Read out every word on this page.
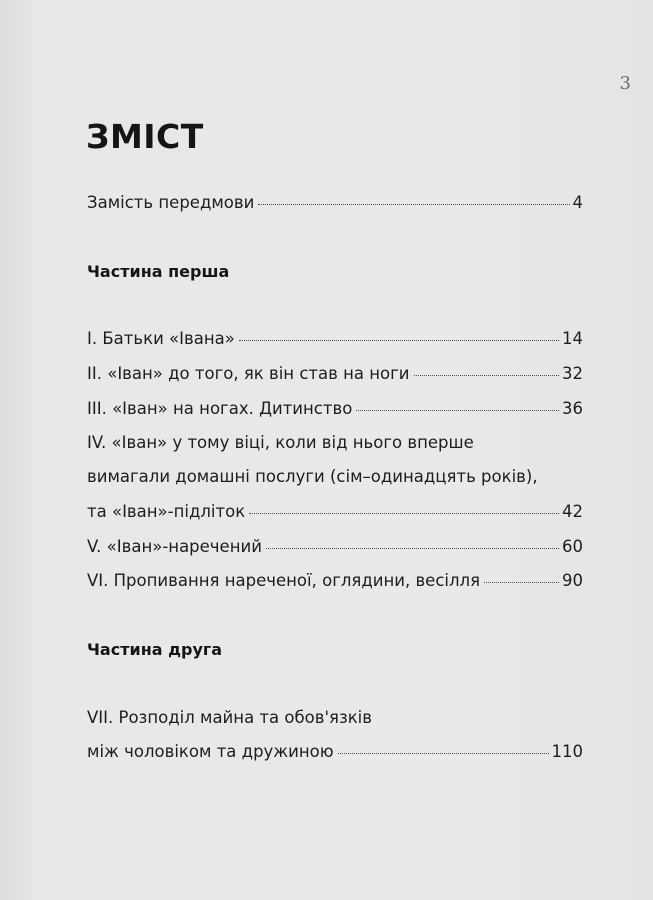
3
ЗМІСТ
Замість передмови	4
Частина перша
I. Батьки «Івана»	14
II. «Іван» до того, як він став на ноги	32
III. «Іван» на ногах. Дитинство	36
IV. «Іван» у тому віці, коли від нього вперше
вимагали домашні послуги (сім–одинадцять років),
та «Іван»-підліток	42
V. «Іван»-наречений	60
VI. Пропивання нареченої, оглядини, весілля	90
Частина друга
VII. Розподіл майна та обов'язків
між чоловіком та дружиною	110
